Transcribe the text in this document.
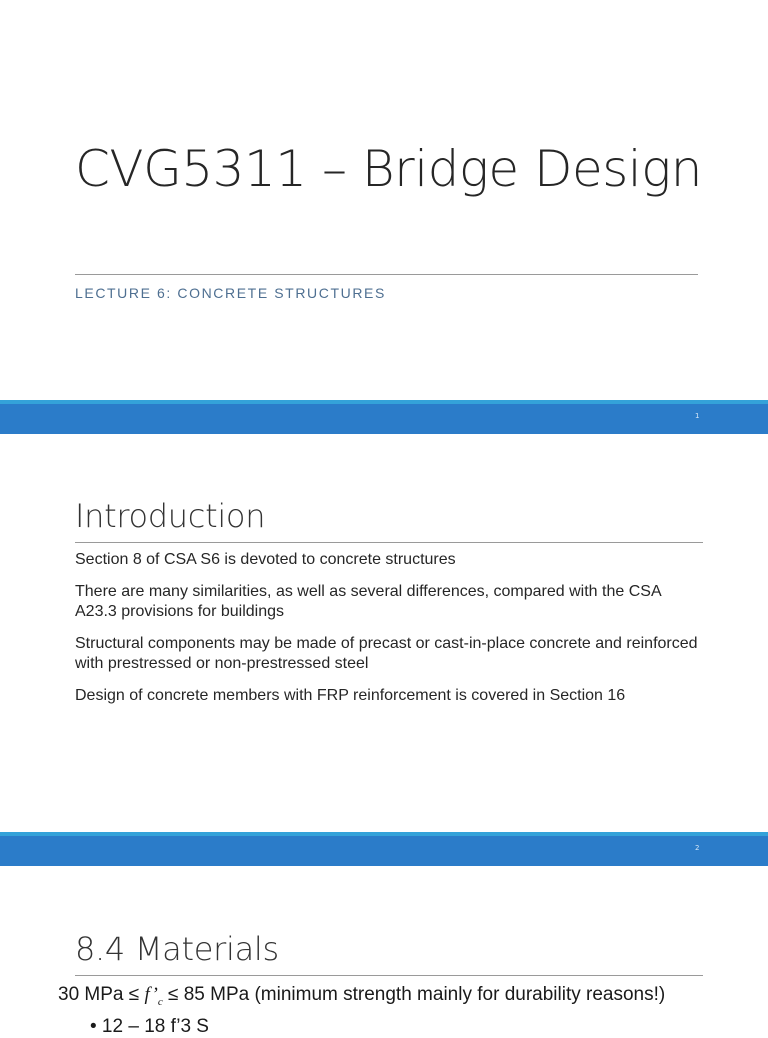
CVG5311 – Bridge Design
LECTURE 6: CONCRETE STRUCTURES
1
Introduction
Section 8 of CSA S6 is devoted to concrete structures
There are many similarities, as well as several differences, compared with the CSA A23.3 provisions for buildings
Structural components may be made of precast or cast-in-place concrete and reinforced with prestressed or non-prestressed steel
Design of concrete members with FRP reinforcement is covered in Section 16
2
8.4 Materials
30 MPa ≤ $f’_c \le 85$ MPa (minimum strength mainly for durability reasons!)
• 12 – 18 f’3 S
